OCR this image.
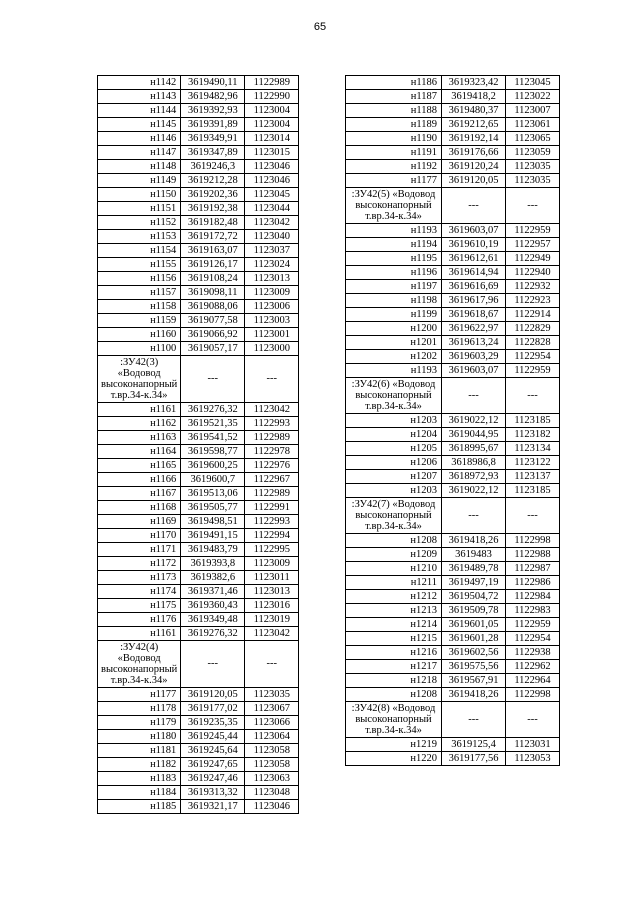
65
н1142	3619490,11	1122989
н1143	3619482,96	1122990
н1144	3619392,93	1123004
н1145	3619391,89	1123004
н1146	3619349,91	1123014
н1147	3619347,89	1123015
н1148	3619246,3	1123046
н1149	3619212,28	1123046
н1150	3619202,36	1123045
н1151	3619192,38	1123044
н1152	3619182,48	1123042
н1153	3619172,72	1123040
н1154	3619163,07	1123037
н1155	3619126,17	1123024
н1156	3619108,24	1123013
н1157	3619098,11	1123009
н1158	3619088,06	1123006
н1159	3619077,58	1123003
н1160	3619066,92	1123001
н1100	3619057,17	1123000
:ЗУ42(3) «Водовод высоконапорный т.вр.34-к.34»	---	---
н1161	3619276,32	1123042
н1162	3619521,35	1122993
н1163	3619541,52	1122989
н1164	3619598,77	1122978
н1165	3619600,25	1122976
н1166	3619600,7	1122967
н1167	3619513,06	1122989
н1168	3619505,77	1122991
н1169	3619498,51	1122993
н1170	3619491,15	1122994
н1171	3619483,79	1122995
н1172	3619393,8	1123009
н1173	3619382,6	1123011
н1174	3619371,46	1123013
н1175	3619360,43	1123016
н1176	3619349,48	1123019
н1161	3619276,32	1123042
:ЗУ42(4) «Водовод высоконапорный т.вр.34-к.34»	---	---
н1177	3619120,05	1123035
н1178	3619177,02	1123067
н1179	3619235,35	1123066
н1180	3619245,44	1123064
н1181	3619245,64	1123058
н1182	3619247,65	1123058
н1183	3619247,46	1123063
н1184	3619313,32	1123048
н1185	3619321,17	1123046
н1186	3619323,42	1123045
н1187	3619418,2	1123022
н1188	3619480,37	1123007
н1189	3619212,65	1123061
н1190	3619192,14	1123065
н1191	3619176,66	1123059
н1192	3619120,24	1123035
н1177	3619120,05	1123035
:ЗУ42(5) «Водовод высоконапорный т.вр.34-к.34»	---	---
н1193	3619603,07	1122959
н1194	3619610,19	1122957
н1195	3619612,61	1122949
н1196	3619614,94	1122940
н1197	3619616,69	1122932
н1198	3619617,96	1122923
н1199	3619618,67	1122914
н1200	3619622,97	1122829
н1201	3619613,24	1122828
н1202	3619603,29	1122954
н1193	3619603,07	1122959
:ЗУ42(6) «Водовод высоконапорный т.вр.34-к.34»	---	---
н1203	3619022,12	1123185
н1204	3619044,95	1123182
н1205	3618995,67	1123134
н1206	3618986,8	1123122
н1207	3618972,93	1123137
н1203	3619022,12	1123185
:ЗУ42(7) «Водовод высоконапорный т.вр.34-к.34»	---	---
н1208	3619418,26	1122998
н1209	3619483	1122988
н1210	3619489,78	1122987
н1211	3619497,19	1122986
н1212	3619504,72	1122984
н1213	3619509,78	1122983
н1214	3619601,05	1122959
н1215	3619601,28	1122954
н1216	3619602,56	1122938
н1217	3619575,56	1122962
н1218	3619567,91	1122964
н1208	3619418,26	1122998
:ЗУ42(8) «Водовод высоконапорный т.вр.34-к.34»	---	---
н1219	3619125,4	1123031
н1220	3619177,56	1123053
